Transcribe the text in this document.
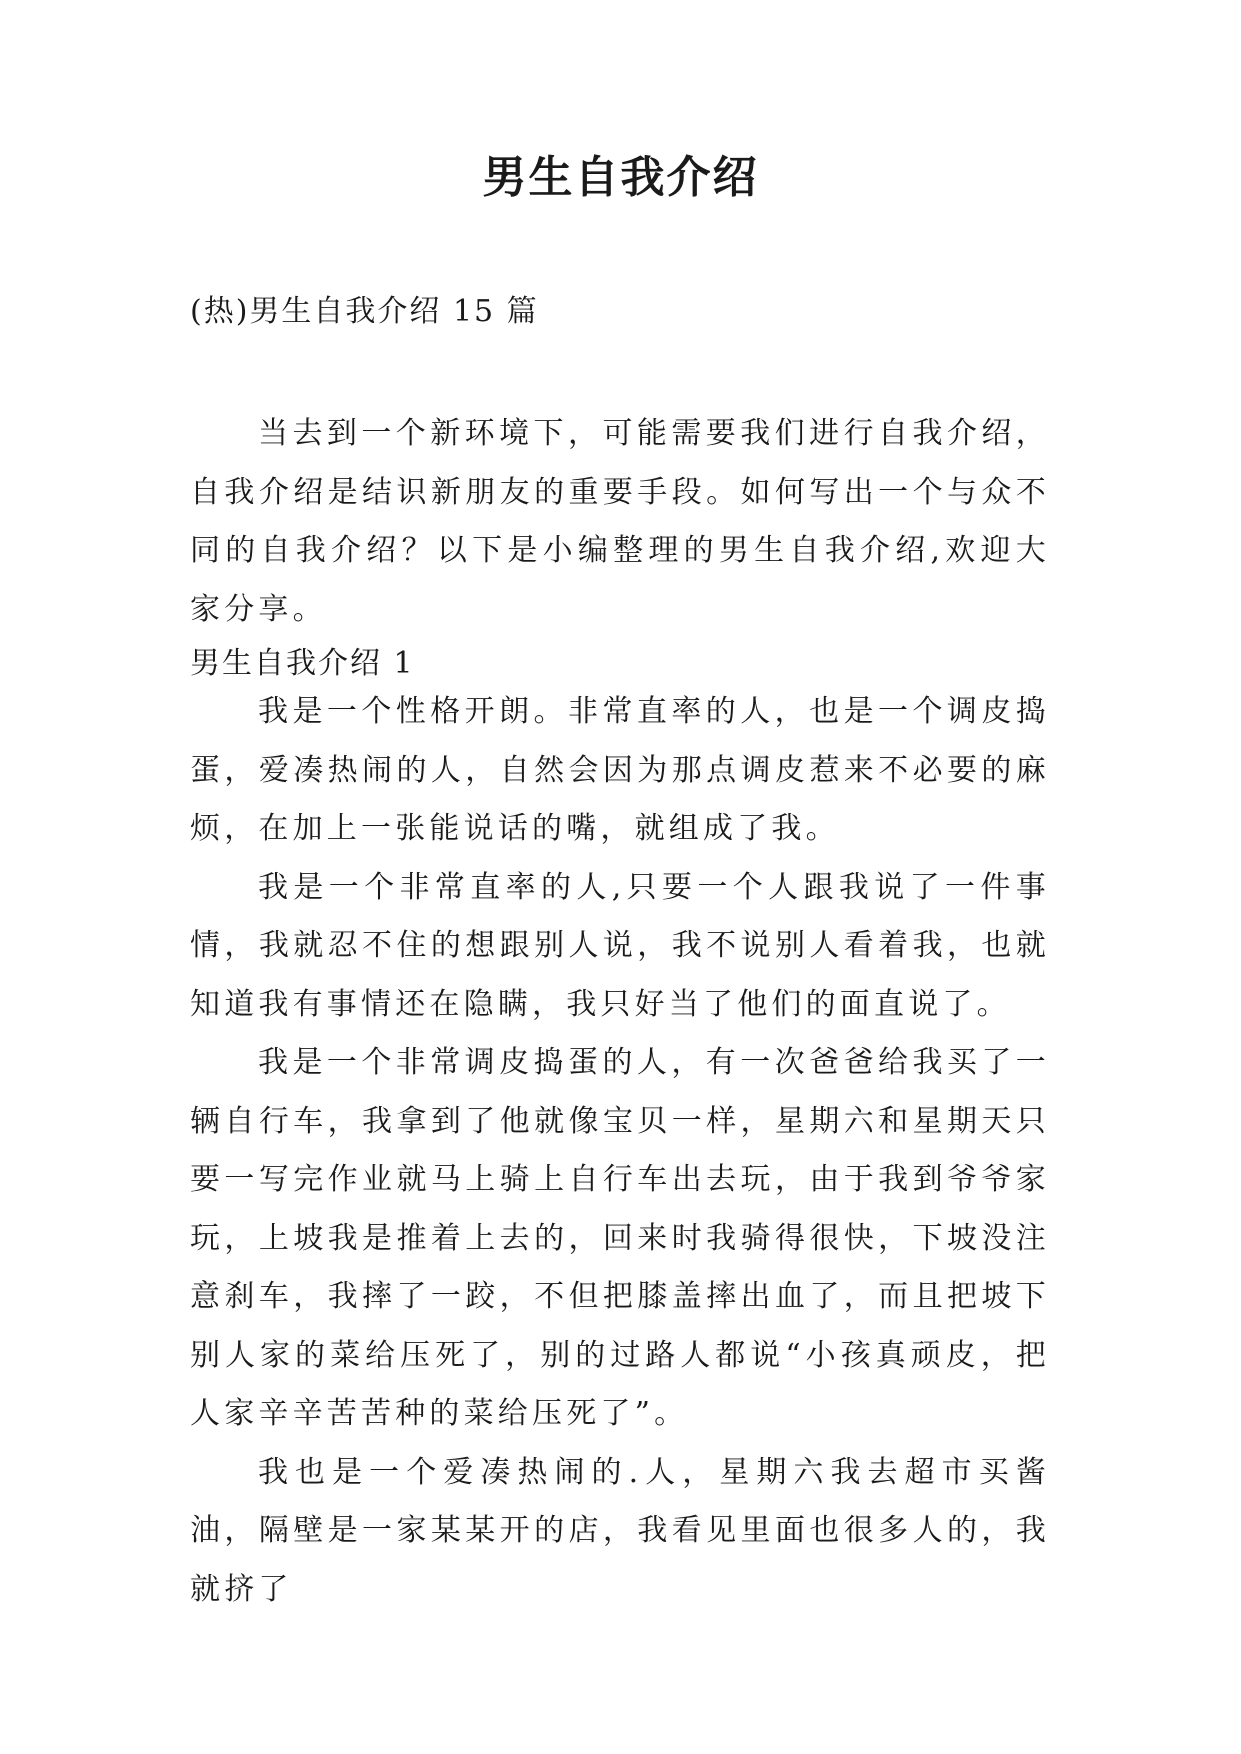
男生自我介绍
(热)男生自我介绍 15 篇

当去到一个新环境下，可能需要我们进行自我介绍，自我介绍是结识新朋友的重要手段。如何写出一个与众不同的自我介绍？以下是小编整理的男生自我介绍,欢迎大家分享。

男生自我介绍 1

我是一个性格开朗。非常直率的人，也是一个调皮捣蛋，爱凑热闹的人，自然会因为那点调皮惹来不必要的麻烦，在加上一张能说话的嘴，就组成了我。

我是一个非常直率的人,只要一个人跟我说了一件事情，我就忍不住的想跟别人说，我不说别人看着我，也就知道我有事情还在隐瞒，我只好当了他们的面直说了。

我是一个非常调皮捣蛋的人，有一次爸爸给我买了一辆自行车，我拿到了他就像宝贝一样，星期六和星期天只要一写完作业就马上骑上自行车出去玩，由于我到爷爷家玩，上坡我是推着上去的，回来时我骑得很快，下坡没注意刹车，我摔了一跤，不但把膝盖摔出血了，而且把坡下别人家的菜给压死了，别的过路人都说“小孩真顽皮，把人家辛辛苦苦种的菜给压死了”。

我也是一个爱凑热闹的.人，星期六我去超市买酱油，隔壁是一家某某开的店，我看见里面也很多人的，我就挤了
